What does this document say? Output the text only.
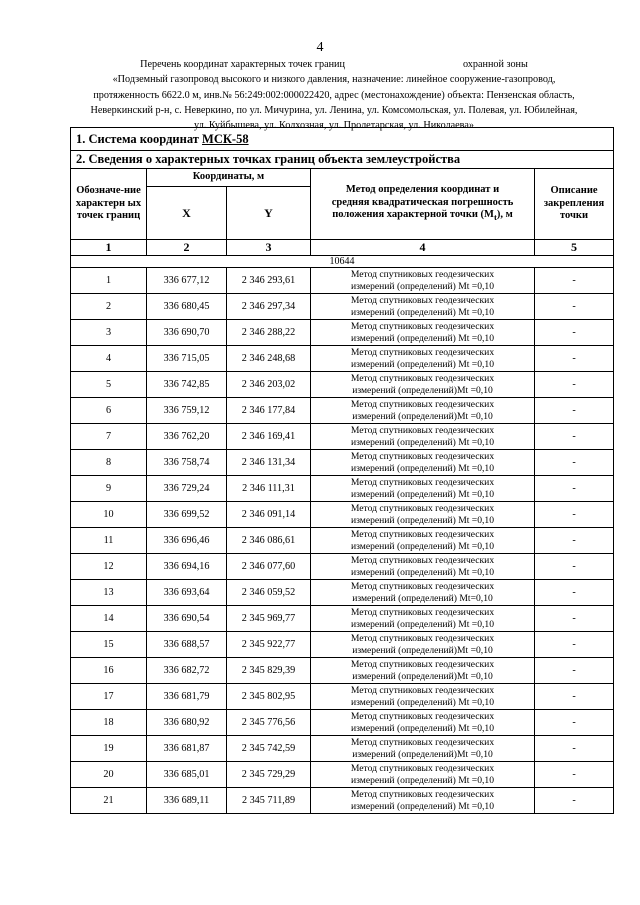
4
Перечень координат характерных точек границ	охранной зоны
«Подземный газопровод высокого и низкого давления, назначение: линейное сооружение-газопровод,
протяженность 6622.0 м, инв.№ 56:249:002:000022420, адрес (местонахождение) объекта: Пензенская область,
Неверкинский р-н, с. Неверкино, по ул. Мичурина, ул. Ленина, ул. Комсомольская, ул. Полевая, ул. Юбилейная,
ул. Куйбышева, ул. Колхозная, ул. Пролетарская, ул. Николаева»
1. Система координат МСК-58				
2. Сведения о характерных точках границ объекта землеустройства				
Обозначе-ние характерн ых точек границ	Координаты, м		Метод определения координат и
средняя квадратическая погрешность
положения характерной точки $(M_t)$, м	Описание закрепления точки
	X	Y		
1	2	3	4	5
10644				
1	336 677,12	2 346 293,61	Метод спутниковых геодезических
измерений (определений) Mt =0,10	-
2	336 680,45	2 346 297,34	Метод спутниковых геодезических
измерений (определений) Mt =0,10	-
3	336 690,70	2 346 288,22	Метод спутниковых геодезических
измерений (определений) Mt =0,10	-
4	336 715,05	2 346 248,68	Метод спутниковых геодезических
измерений (определений) Mt =0,10	-
5	336 742,85	2 346 203,02	Метод спутниковых геодезических
измерений (определений)Mt =0,10	-
6	336 759,12	2 346 177,84	Метод спутниковых геодезических
измерений (определений)Mt =0,10	-
7	336 762,20	2 346 169,41	Метод спутниковых геодезических
измерений (определений) Mt =0,10	-
8	336 758,74	2 346 131,34	Метод спутниковых геодезических
измерений (определений) Mt =0,10	-
9	336 729,24	2 346 111,31	Метод спутниковых геодезических
измерений (определений) Mt =0,10	-
10	336 699,52	2 346 091,14	Метод спутниковых геодезических
измерений (определений) Mt =0,10	-
11	336 696,46	2 346 086,61	Метод спутниковых геодезических
измерений (определений) Mt =0,10	-
12	336 694,16	2 346 077,60	Метод спутниковых геодезических
измерений (определений) Mt =0,10	-
13	336 693,64	2 346 059,52	Метод спутниковых геодезических
измерений (определений) Mt=0,10	-
14	336 690,54	2 345 969,77	Метод спутниковых геодезических
измерений (определений) Mt =0,10	-
15	336 688,57	2 345 922,77	Метод спутниковых геодезических
измерений (определений)Mt =0,10	-
16	336 682,72	2 345 829,39	Метод спутниковых геодезических
измерений (определений)Mt =0,10	-
17	336 681,79	2 345 802,95	Метод спутниковых геодезических
измерений (определений) Mt =0,10	-
18	336 680,92	2 345 776,56	Метод спутниковых геодезических
измерений (определений) Mt =0,10	-
19	336 681,87	2 345 742,59	Метод спутниковых геодезических
измерений (определений)Mt =0,10	-
20	336 685,01	2 345 729,29	Метод спутниковых геодезических
измерений (определений) Mt =0,10	-
21	336 689,11	2 345 711,89	Метод спутниковых геодезических
измерений (определений) Mt =0,10	-
